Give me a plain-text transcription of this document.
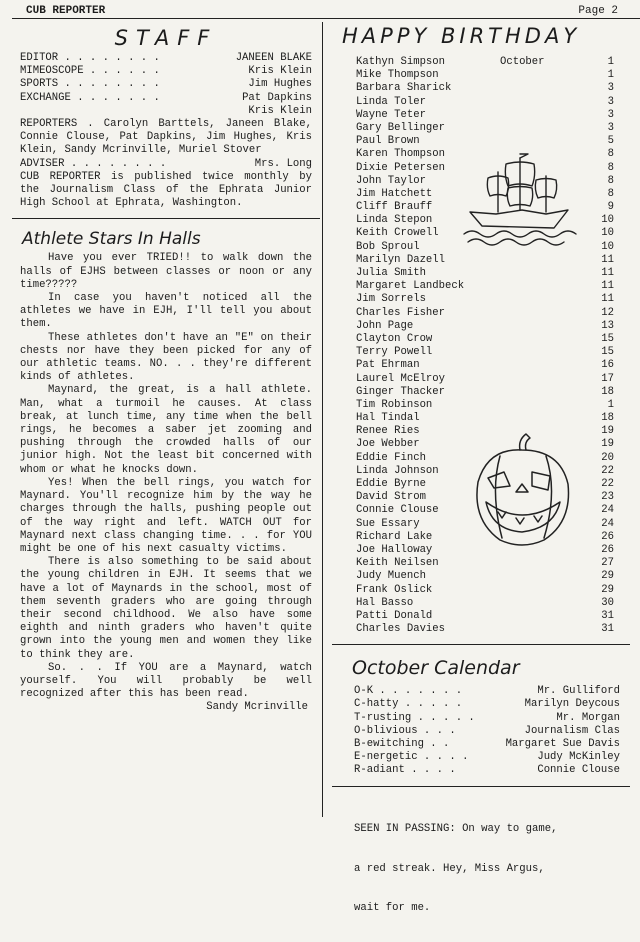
CUB REPORTER	Page 2
STAFF
EDITOR . . . . . . . .	JANEEN BLAKE
MIMEOSCOPE . . . . . .	Kris Klein
SPORTS . . . . . . . .	Jim Hughes
EXCHANGE . . . . . . .	Pat Dapkins
Kris Klein
REPORTERS . Carolyn Barttels, Janeen Blake, Connie Clouse, Pat Dapkins, Jim Hughes, Kris Klein, Sandy Mcrinville, Muriel Stover
ADVISER . . . . . . . .	Mrs. Long
CUB REPORTER is published twice monthly by the Journalism Class of the Ephrata Junior High School at Ephrata, Washington.
Athlete Stars In Halls
Have you ever TRIED!! to walk down the halls of EJHS between classes or noon or any time?????
In case you haven't noticed all the athletes we have in EJH, I'll tell you about them.
These athletes don't have an "E" on their chests nor have they been picked for any of our athletic teams. NO. . . they're different kinds of athletes.
Maynard, the great, is a hall athlete. Man, what a turmoil he causes. At class break, at lunch time, any time when the bell rings, he becomes a saber jet zooming and pushing through the crowded halls of our junior high. Not the least bit concerned with whom or what he knocks down.
Yes! When the bell rings, you watch for Maynard. You'll recognize him by the way he charges through the halls, pushing people out of the way right and left. WATCH OUT for Maynard next class changing time. . . for YOU might be one of his next casualty victims.
There is also something to be said about the young children in EJH. It seems that we have a lot of Maynards in the school, most of them seventh graders who are going through their second childhood. We also have some eighth and ninth graders who haven't quite grown into the young men and women they like to think they are.
So. . . If YOU are a Maynard, watch yourself. You will probably be well recognized after this has been read.
Sandy Mcrinville
HAPPY BIRTHDAY
Kathyn Simpson	October	1
Mike Thompson	1
Barbara Sharick	3
Linda Toler	3
Wayne Teter	3
Gary Bellinger	3
Paul Brown	5
Karen Thompson	8
Dixie Petersen	8
John Taylor	8
Jim Hatchett	8
Cliff Brauff	9
Linda Stepon	10
Keith Crowell	10
Bob Sproul	10
Marilyn Dazell	11
Julia Smith	11
Margaret Landbeck	11
Jim Sorrels	11
Charles Fisher	12
John Page	13
Clayton Crow	15
Terry Powell	15
Pat Ehrman	16
Laurel McElroy	17
Ginger Thacker	18
Tim Robinson	1
Hal Tindal	18
Renee Ries	19
Joe Webber	19
Eddie Finch	20
Linda Johnson	22
Eddie Byrne	22
David Strom	23
Connie Clouse	24
Sue Essary	24
Richard Lake	26
Joe Halloway	26
Keith Neilsen	27
Judy Muench	29
Frank Oslick	29
Hal Basso	30
Patti Donald	31
Charles Davies	31
October Calendar
O-K . . . . . . .	Mr. Gulliford
C-hatty . . . . .	Marilyn Deycous
T-rusting . . . . .	Mr. Morgan
O-blivious . . .	Journalism Clas
B-ewitching . .	Margaret Sue Davis
E-nergetic . . . .	Judy McKinley
R-adiant . . . .	Connie Clouse

SEEN IN PASSING: On way to game,

a red streak. Hey, Miss Argus,

wait for me.
